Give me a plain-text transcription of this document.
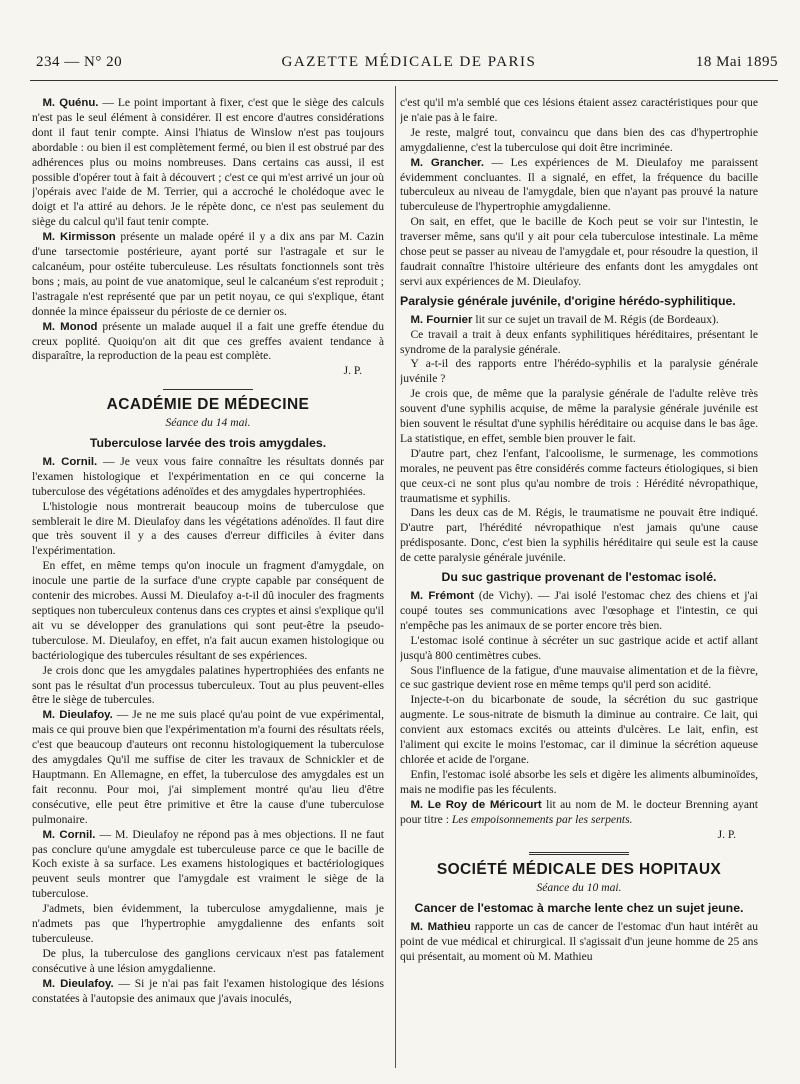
234 — N° 20	GAZETTE MÉDICALE DE PARIS	18 Mai 1895

M. Quénu. — Le point important à fixer, c'est que le siège des calculs n'est pas le seul élément à considérer. Il est encore d'autres considérations dont il faut tenir compte. Ainsi l'hiatus de Winslow n'est pas toujours abordable : ou bien il est complètement fermé, ou bien il est obstrué par des adhérences plus ou moins nombreuses. Dans certains cas aussi, il est possible d'opérer tout à fait à découvert ; c'est ce qui m'est arrivé un jour où j'opérais avec l'aide de M. Terrier, qui a accroché le cholédoque avec le doigt et l'a attiré au dehors. Je le répète donc, ce n'est pas seulement du siège du calcul qu'il faut tenir compte.

M. Kirmisson présente un malade opéré il y a dix ans par M. Cazin d'une tarsectomie postérieure, ayant porté sur l'astragale et sur le calcanéum, pour ostéite tuberculeuse. Les résultats fonctionnels sont très bons ; mais, au point de vue anatomique, seul le calcanéum s'est reproduit ; l'astragale n'est représenté que par un petit noyau, ce qui s'explique, étant donnée la mince épaisseur du périoste de ce dernier os.

M. Monod présente un malade auquel il a fait une greffe étendue du creux poplité. Quoiqu'on ait dit que ces greffes avaient tendance à disparaître, la reproduction de la peau est complète.

J. P.

ACADÉMIE DE MÉDECINE
Séance du 14 mai.
Tuberculose larvée des trois amygdales.

M. Cornil. — Je veux vous faire connaître les résultats donnés par l'examen histologique et l'expérimentation en ce qui concerne la tuberculose des végétations adénoïdes et des amygdales hypertrophiées.

L'histologie nous montrerait beaucoup moins de tuberculose que semblerait le dire M. Dieulafoy dans les végétations adénoïdes. Il faut dire que très souvent il y a des causes d'erreur difficiles à éviter dans l'expérimentation.

En effet, en même temps qu'on inocule un fragment d'amygdale, on inocule une partie de la surface d'une crypte capable par conséquent de contenir des microbes. Aussi M. Dieulafoy a-t-il dû inoculer des fragments septiques non tuberculeux contenus dans ces cryptes et ainsi s'explique qu'il ait vu se développer des granulations qui sont peut-être la pseudo-tuberculose. M. Dieulafoy, en effet, n'a fait aucun examen histologique ou bactériologique des tubercules résultant de ses expériences.

Je crois donc que les amygdales palatines hypertrophiées des enfants ne sont pas le résultat d'un processus tuberculeux. Tout au plus peuvent-elles être le siège de tubercules.

M. Dieulafoy. — Je ne me suis placé qu'au point de vue expérimental, mais ce qui prouve bien que l'expérimentation m'a fourni des résultats réels, c'est que beaucoup d'auteurs ont reconnu histologiquement la tuberculose des amygdales Qu'il me suffise de citer les travaux de Schnickler et de Hauptmann. En Allemagne, en effet, la tuberculose des amygdales est un fait reconnu. Pour moi, j'ai simplement montré qu'au lieu d'être consécutive, elle peut être primitive et être la cause d'une tuberculose pulmonaire.

M. Cornil. — M. Dieulafoy ne répond pas à mes objections. Il ne faut pas conclure qu'une amygdale est tuberculeuse parce ce que le bacille de Koch existe à sa surface. Les examens histologiques et bactériologiques peuvent seuls montrer que l'amygdale est vraiment le siège de la tuberculose.

J'admets, bien évidemment, la tuberculose amygdalienne, mais je n'admets pas que l'hypertrophie amygdalienne des enfants soit tuberculeuse.

De plus, la tuberculose des ganglions cervicaux n'est pas fatalement consécutive à une lésion amygdalienne.

M. Dieulafoy. — Si je n'ai pas fait l'examen histologique des lésions constatées à l'autopsie des animaux que j'avais inoculés,

c'est qu'il m'a semblé que ces lésions étaient assez caractéristiques pour que je n'aie pas à le faire.

Je reste, malgré tout, convaincu que dans bien des cas d'hypertrophie amygdalienne, c'est la tuberculose qui doit être incriminée.

M. Grancher. — Les expériences de M. Dieulafoy me paraissent évidemment concluantes. Il a signalé, en effet, la fréquence du bacille tuberculeux au niveau de l'amygdale, bien que n'ayant pas prouvé la nature tuberculeuse de l'hypertrophie amygdalienne.

On sait, en effet, que le bacille de Koch peut se voir sur l'intestin, le traverser même, sans qu'il y ait pour cela tuberculose intestinale. La même chose peut se passer au niveau de l'amygdale et, pour résoudre la question, il faudrait connaître l'histoire ultérieure des enfants dont les amygdales ont servi aux expériences de M. Dieulafoy.

Paralysie générale juvénile, d'origine hérédo-syphilitique.

M. Fournier lit sur ce sujet un travail de M. Régis (de Bordeaux).

Ce travail a trait à deux enfants syphilitiques héréditaires, présentant le syndrome de la paralysie générale.

Y a-t-il des rapports entre l'hérédo-syphilis et la paralysie générale juvénile ?

Je crois que, de même que la paralysie générale de l'adulte relève très souvent d'une syphilis acquise, de même la paralysie générale juvénile est bien souvent le résultat d'une syphilis héréditaire ou acquise dans le bas âge. La statistique, en effet, semble bien prouver le fait.

D'autre part, chez l'enfant, l'alcoolisme, le surmenage, les commotions morales, ne peuvent pas être considérés comme facteurs étiologiques, si bien que ceux-ci ne sont plus qu'au nombre de trois : Hérédité névropathique, traumatisme et syphilis.

Dans les deux cas de M. Régis, le traumatisme ne pouvait être indiqué. D'autre part, l'hérédité névropathique n'est jamais qu'une cause prédisposante. Donc, c'est bien la syphilis héréditaire qui seule est la cause de cette paralysie générale juvénile.

Du suc gastrique provenant de l'estomac isolé.

M. Frémont (de Vichy). — J'ai isolé l'estomac chez des chiens et j'ai coupé toutes ses communications avec l'œsophage et l'intestin, ce qui n'empêche pas les animaux de se porter encore très bien.

L'estomac isolé continue à sécréter un suc gastrique acide et actif allant jusqu'à 800 centimètres cubes.

Sous l'influence de la fatigue, d'une mauvaise alimentation et de la fièvre, ce suc gastrique devient rose en même temps qu'il perd son acidité.

Injecte-t-on du bicarbonate de soude, la sécrétion du suc gastrique augmente. Le sous-nitrate de bismuth la diminue au contraire. Ce lait, qui convient aux estomacs excités ou atteints d'ulcères. Le lait, enfin, est l'aliment qui excite le moins l'estomac, car il diminue la sécrétion aqueuse chlorée et acide de l'organe.

Enfin, l'estomac isolé absorbe les sels et digère les aliments albuminoïdes, mais ne modifie pas les féculents.

M. Le Roy de Méricourt lit au nom de M. le docteur Brenning ayant pour titre : Les empoisonnements par les serpents.

J. P.

SOCIÉTÉ MÉDICALE DES HOPITAUX
Séance du 10 mai.
Cancer de l'estomac à marche lente chez un sujet jeune.

M. Mathieu rapporte un cas de cancer de l'estomac d'un haut intérêt au point de vue médical et chirurgical. Il s'agissait d'un jeune homme de 25 ans qui présentait, au moment où M. Mathieu
